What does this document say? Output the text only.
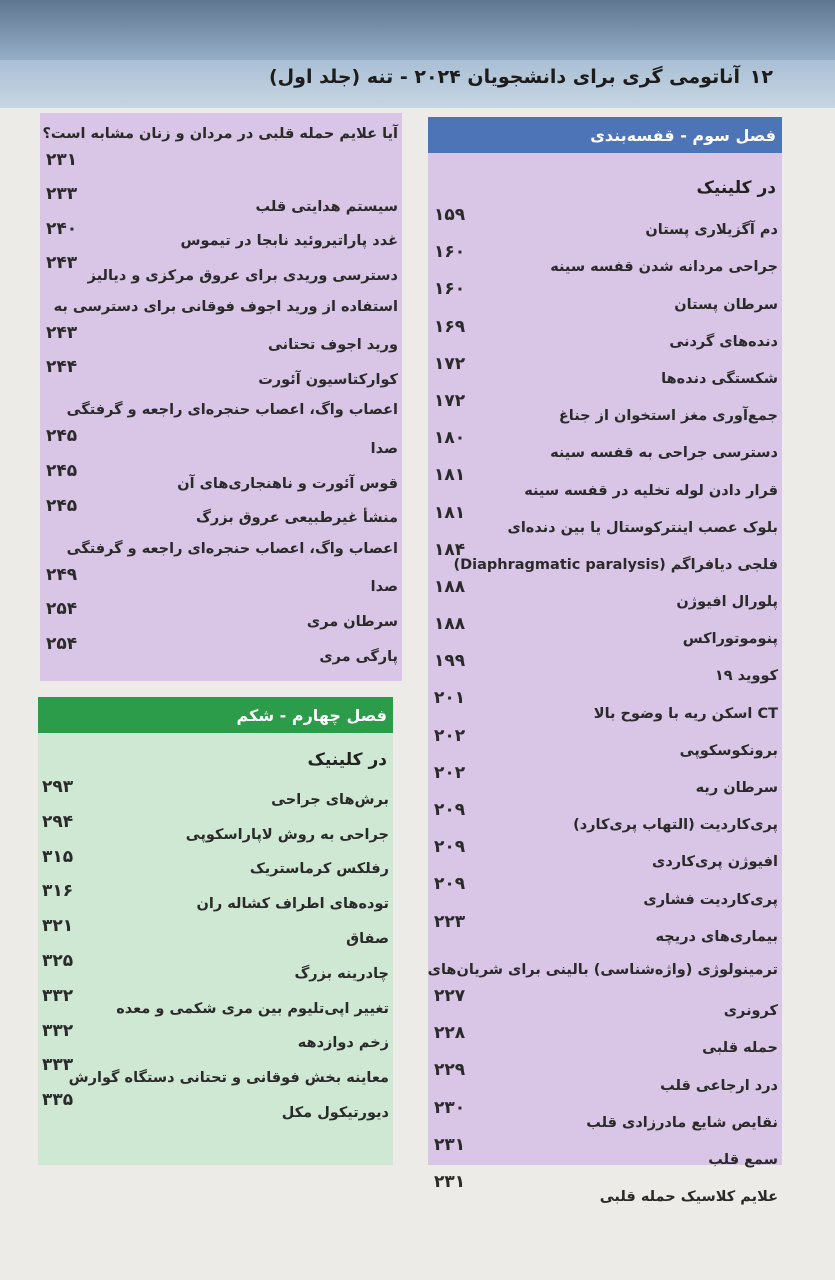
۱۲
آناتومی گری برای دانشجویان ۲۰۲۴ - تنه (جلد اول)
فصل سوم - قفسه‌بندی
در کلینیک
دم آگزیلاری پستان
۱۵۹
جراحی مردانه شدن قفسه سینه
۱۶۰
سرطان پستان
۱۶۰
دنده‌های گردنی
۱۶۹
شکستگی دنده‌ها
۱۷۲
جمع‌آوری مغز استخوان از جناغ
۱۷۲
دسترسی جراحی به قفسه سینه
۱۸۰
قرار دادن لوله تخلیه در قفسه سینه
۱۸۱
بلوک عصب اینترکوستال یا بین دنده‌ای
۱۸۱
فلجی دیافراگم (Diaphragmatic paralysis)
۱۸۴
پلورال افیوژن
۱۸۸
پنوموتوراکس
۱۸۸
کووید ۱۹
۱۹۹
CT اسکن ریه با وضوح بالا
۲۰۱
برونکوسکوپی
۲۰۲
سرطان ریه
۲۰۲
پری‌کاردیت (التهاب پری‌کارد)
۲۰۹
افیوژن پری‌کاردی
۲۰۹
پری‌کاردیت فشاری
۲۰۹
بیماری‌های دریچه
۲۲۳
ترمینولوژی (واژه‌شناسی) بالینی برای شریان‌های
کرونری
۲۲۷
حمله قلبی
۲۲۸
درد ارجاعی قلب
۲۲۹
نقایص شایع مادرزادی قلب
۲۳۰
سمع قلب
۲۳۱
علایم کلاسیک حمله قلبی
۲۳۱
آیا علایم حمله قلبی در مردان و زنان مشابه است؟
۲۳۱
سیستم هدایتی قلب
۲۳۳
غدد پاراتیروئید نابجا در تیموس
۲۴۰
دسترسی وریدی برای عروق مرکزی و دیالیز
۲۴۳
استفاده از ورید اجوف فوقانی برای دسترسی به
ورید اجوف تحتانی
۲۴۳
کوارکتاسیون آئورت
۲۴۴
اعصاب واگ، اعصاب حنجره‌ای راجعه و گرفتگی
صدا
۲۴۵
قوس آئورت و ناهنجاری‌های آن
۲۴۵
منشأ غیرطبیعی عروق بزرگ
۲۴۵
اعصاب واگ، اعصاب حنجره‌ای راجعه و گرفتگی
صدا
۲۴۹
سرطان مری
۲۵۴
پارگی مری
۲۵۴
فصل چهارم - شکم
در کلینیک
برش‌های جراحی
۲۹۳
جراحی به روش لاپاراسکوپی
۲۹۴
رفلکس کرماستریک
۳۱۵
توده‌های اطراف کشاله ران
۳۱۶
صفاق
۳۲۱
چادرینه بزرگ
۳۲۵
تغییر اپی‌تلیوم بین مری شکمی و معده
۳۳۲
زخم دوازدهه
۳۳۲
معاینه بخش فوقانی و تحتانی دستگاه گوارش
۳۳۳
دیورتیکول مکل
۳۳۵
